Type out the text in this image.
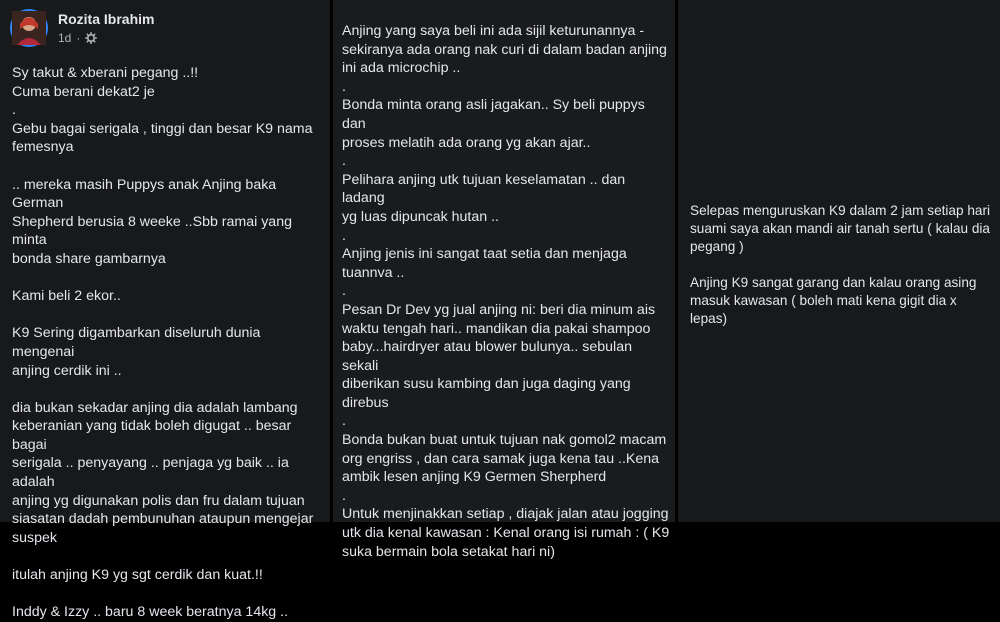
Rozita Ibrahim
1d ·

Sy takut & xberani pegang ..!!
Cuma berani dekat2 je
.
Gebu bagai serigala , tinggi dan besar K9 nama
femesnya

.. mereka masih Puppys anak Anjing baka German
Shepherd berusia 8 weeke ..Sbb ramai yang minta
bonda share gambarnya

Kami beli 2 ekor..

K9 Sering digambarkan diseluruh dunia mengenai
anjing cerdik ini ..

dia bukan sekadar anjing dia adalah lambang
keberanian yang tidak boleh digugat .. besar bagai
serigala .. penyayang .. penjaga yg baik .. ia adalah
anjing yg digunakan polis dan fru dalam tujuan
siasatan dadah pembunuhan ataupun mengejar
suspek

itulah anjing K9 yg sgt cerdik dan kuat.!!

Inddy & Izzy .. baru 8 week beratnya 14kg ..

Anjing yang saya beli ini ada sijil keturunannya -
sekiranya ada orang nak curi di dalam badan anjing
ini ada microchip ..
.
Bonda minta orang asli jagakan.. Sy beli puppys dan
proses melatih ada orang yg akan ajar..
.
Pelihara anjing utk tujuan keselamatan .. dan ladang
yg luas dipuncak hutan ..
.
Anjing jenis ini sangat taat setia dan menjaga
tuannva ..
.
Pesan Dr Dev yg jual anjing ni: beri dia minum ais
waktu tengah hari.. mandikan dia pakai shampoo
baby...hairdryer atau blower bulunya.. sebulan sekali
diberikan susu kambing dan juga daging yang
direbus
.
Bonda bukan buat untuk tujuan nak gomol2 macam
org engriss , dan cara samak juga kena tau ..Kena
ambik lesen anjing K9 Germen Sherpherd
.
Untuk menjinakkan setiap , diajak jalan atau jogging
utk dia kenal kawasan : Kenal orang isi rumah : ( K9
suka bermain bola setakat hari ni)

Selepas menguruskan K9 dalam 2 jam setiap hari
suami saya akan mandi air tanah sertu ( kalau dia
pegang )

Anjing K9 sangat garang dan kalau orang asing
masuk kawasan ( boleh mati kena gigit dia x lepas)
